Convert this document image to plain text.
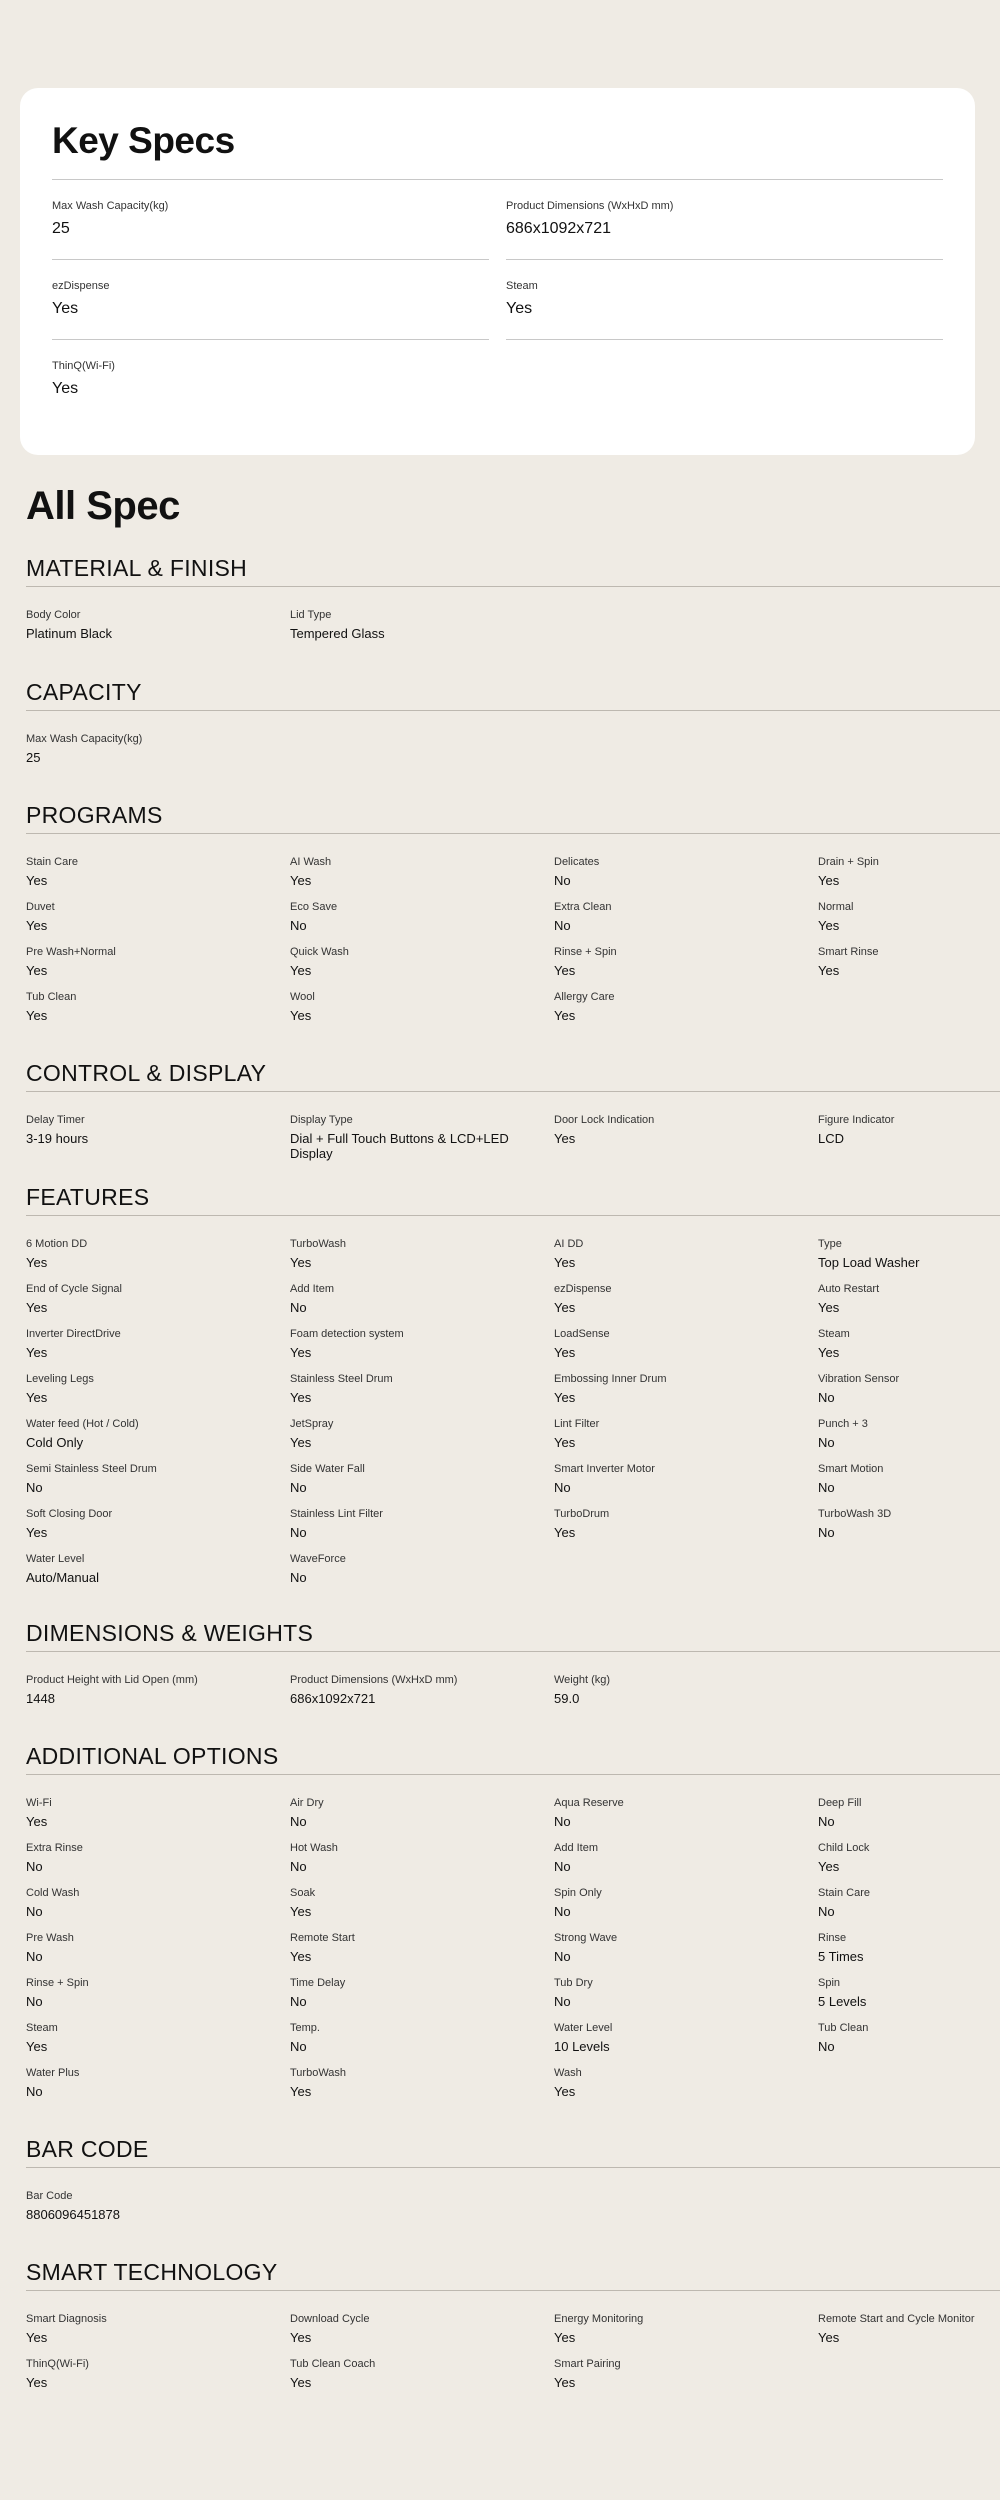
Key Specs
Max Wash Capacity(kg)
25
Product Dimensions (WxHxD mm)
686x1092x721
ezDispense
Yes
Steam
Yes
ThinQ(Wi-Fi)
Yes
All Spec
MATERIAL & FINISH
Body Color
Platinum Black
Lid Type
Tempered Glass
CAPACITY
Max Wash Capacity(kg)
25
PROGRAMS
Stain Care
Yes
AI Wash
Yes
Delicates
No
Drain + Spin
Yes
Duvet
Yes
Eco Save
No
Extra Clean
No
Normal
Yes
Pre Wash+Normal
Yes
Quick Wash
Yes
Rinse + Spin
Yes
Smart Rinse
Yes
Tub Clean
Yes
Wool
Yes
Allergy Care
Yes
CONTROL & DISPLAY
Delay Timer
3-19 hours
Display Type
Dial + Full Touch Buttons & LCD+LED Display
Door Lock Indication
Yes
Figure Indicator
LCD
FEATURES
6 Motion DD
Yes
TurboWash
Yes
AI DD
Yes
Type
Top Load Washer
End of Cycle Signal
Yes
Add Item
No
ezDispense
Yes
Auto Restart
Yes
Inverter DirectDrive
Yes
Foam detection system
Yes
LoadSense
Yes
Steam
Yes
Leveling Legs
Yes
Stainless Steel Drum
Yes
Embossing Inner Drum
Yes
Vibration Sensor
No
Water feed (Hot / Cold)
Cold Only
JetSpray
Yes
Lint Filter
Yes
Punch + 3
No
Semi Stainless Steel Drum
No
Side Water Fall
No
Smart Inverter Motor
No
Smart Motion
No
Soft Closing Door
Yes
Stainless Lint Filter
No
TurboDrum
Yes
TurboWash 3D
No
Water Level
Auto/Manual
WaveForce
No
DIMENSIONS & WEIGHTS
Product Height with Lid Open (mm)
1448
Product Dimensions (WxHxD mm)
686x1092x721
Weight (kg)
59.0
ADDITIONAL OPTIONS
Wi-Fi
Yes
Air Dry
No
Aqua Reserve
No
Deep Fill
No
Extra Rinse
No
Hot Wash
No
Add Item
No
Child Lock
Yes
Cold Wash
No
Soak
Yes
Spin Only
No
Stain Care
No
Pre Wash
No
Remote Start
Yes
Strong Wave
No
Rinse
5 Times
Rinse + Spin
No
Time Delay
No
Tub Dry
No
Spin
5 Levels
Steam
Yes
Temp.
No
Water Level
10 Levels
Tub Clean
No
Water Plus
No
TurboWash
Yes
Wash
Yes
BAR CODE
Bar Code
8806096451878
SMART TECHNOLOGY
Smart Diagnosis
Yes
Download Cycle
Yes
Energy Monitoring
Yes
Remote Start and Cycle Monitor
Yes
ThinQ(Wi-Fi)
Yes
Tub Clean Coach
Yes
Smart Pairing
Yes
